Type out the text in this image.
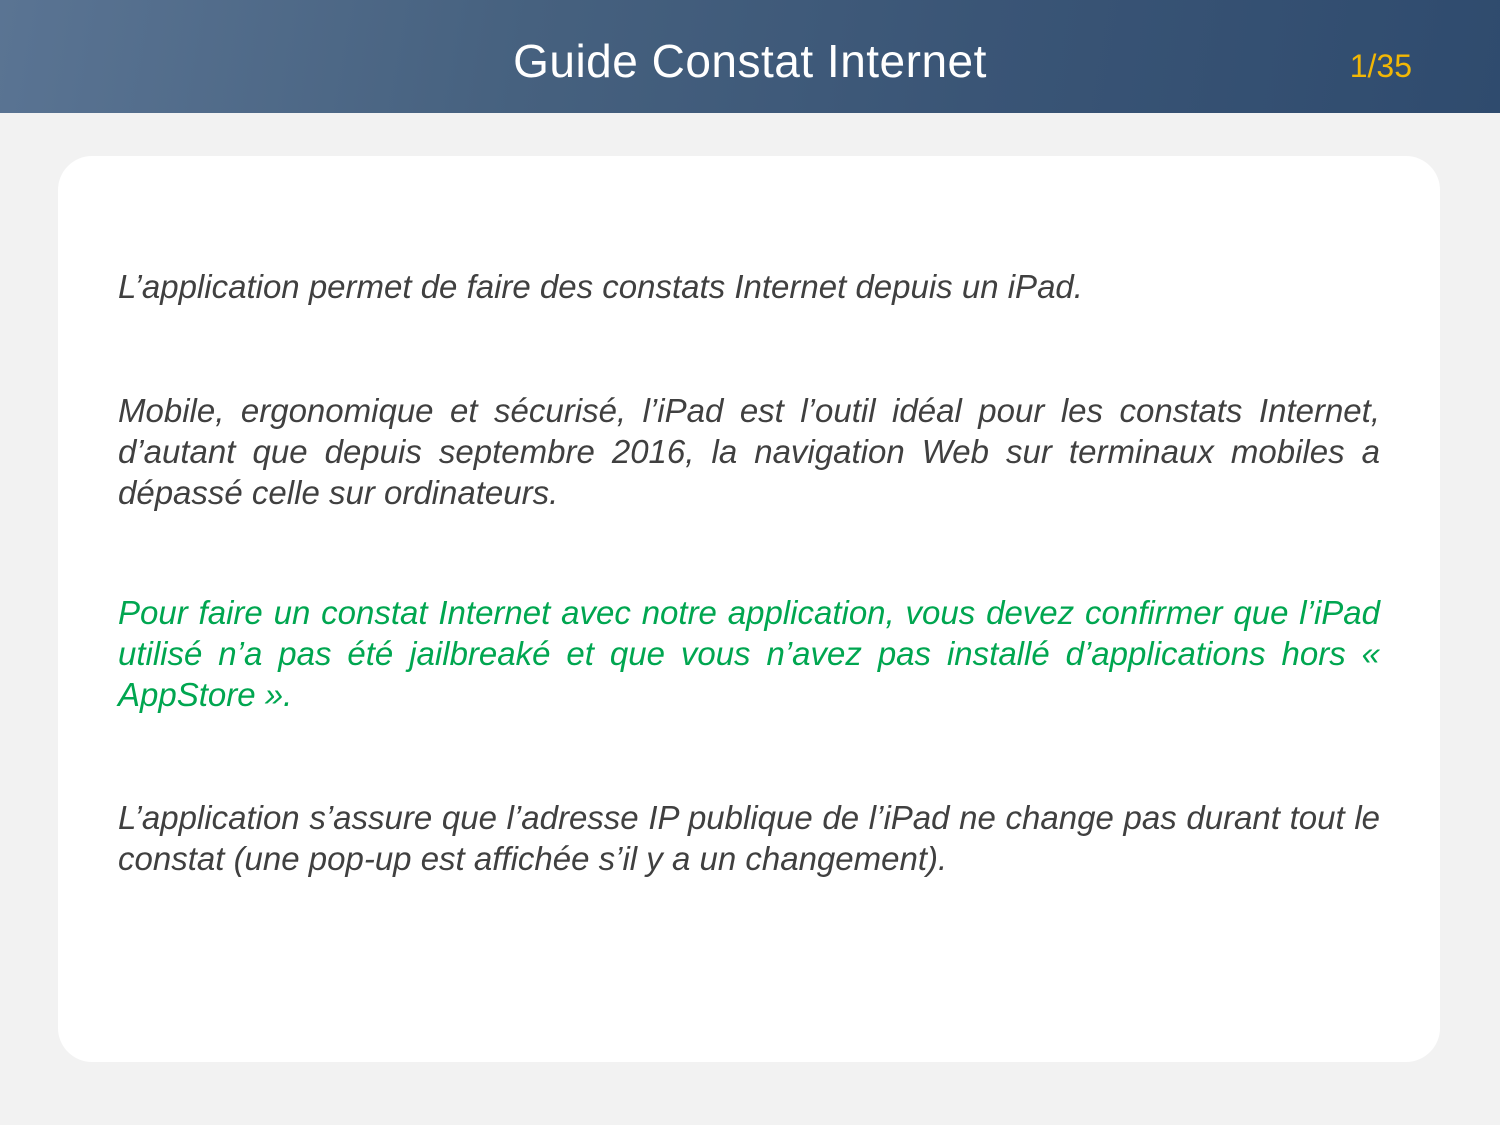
Guide Constat Internet	1/35

L’application permet de faire des constats Internet depuis un iPad.

Mobile, ergonomique et sécurisé, l’iPad est l’outil idéal pour les constats Internet, d’autant que depuis septembre 2016, la navigation Web sur terminaux mobiles a dépassé celle sur ordinateurs.

Pour faire un constat Internet avec notre application, vous devez confirmer que l’iPad utilisé n’a pas été jailbreaké et que vous n’avez pas installé d’applications hors « AppStore ».

L’application s’assure que l’adresse IP publique de l’iPad ne change pas durant tout le constat (une pop-up est affichée s’il y a un changement).
